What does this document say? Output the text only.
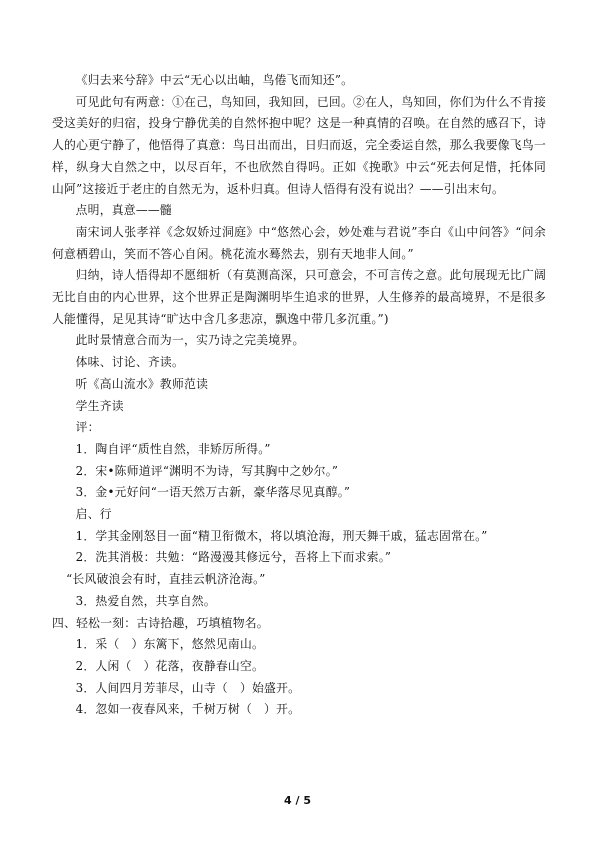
《归去来兮辞》中云“无心以出岫，鸟倦飞而知还”。

可见此句有两意：①在己，鸟知回，我知回，已回。②在人，鸟知回，你们为什么不肯接受这美好的归宿，投身宁静优美的自然怀抱中呢？这是一种真情的召唤。在自然的感召下，诗人的心更宁静了，他悟得了真意：鸟日出而出，日归而返，完全委运自然，那么我要像飞鸟一样，纵身大自然之中，以尽百年，不也欣然自得吗。正如《挽歌》中云“死去何足惜，托体同山阿”这接近于老庄的自然无为，返朴归真。但诗人悟得有没有说出？——引出末句。

点明，真意——髓

南宋词人张孝祥《念奴娇过洞庭》中“悠然心会，妙处难与君说”李白《山中问答》“问余何意栖碧山，笑而不答心自闲。桃花流水蓦然去，别有天地非人间。”

归纳，诗人悟得却不愿细析（有莫测高深，只可意会，不可言传之意。此句展现无比广阔无比自由的内心世界，这个世界正是陶渊明毕生追求的世界，人生修养的最高境界，不是很多人能懂得，足见其诗“旷达中含几多悲凉，飘逸中带几多沉重。”)

此时景情意合而为一，实乃诗之完美境界。

体味、讨论、齐读。

听《高山流水》教师范读

学生齐读

评：

1．陶自评“质性自然，非矫厉所得。”

2．宋•陈师道评“渊明不为诗，写其胸中之妙尔。”

3．金•元好问“一语天然万古新，豪华落尽见真醇。”

启、行

1．学其金刚怒目一面“精卫衔微木，将以填沧海，刑天舞干戚，猛志固常在。”

2．洗其消极：共勉：“路漫漫其修远兮，吾将上下而求索。”

“长风破浪会有时，直挂云帆济沧海。”

3．热爱自然，共享自然。

四、轻松一刻：古诗拾趣，巧填植物名。

1．采（　）东篱下，悠然见南山。

2．人闲（　）花落，夜静春山空。

3．人间四月芳菲尽，山寺（　）始盛开。

4．忽如一夜春风来，千树万树（　）开。

4 / 5
